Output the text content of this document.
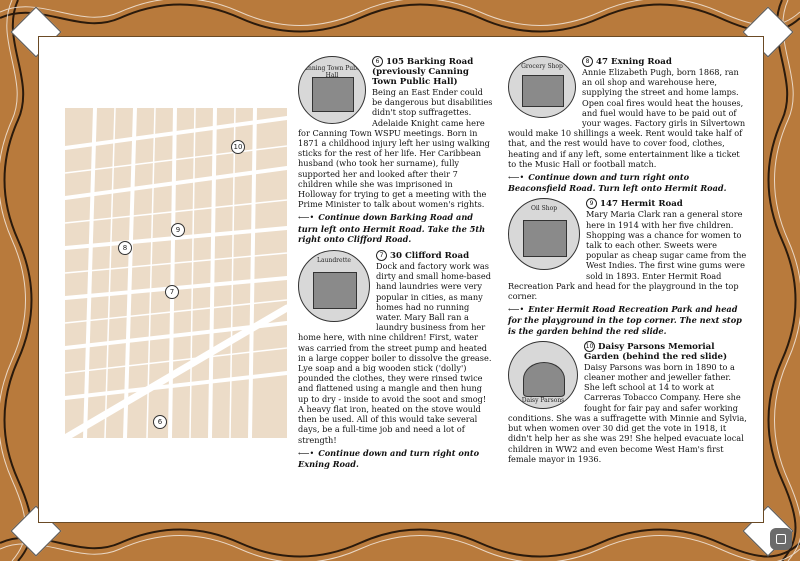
10
9
8
7
6
Canning Town Public Hall
6 105 Barking Road (previously Canning Town Public Hall)

Being an East Ender could be dangerous but disabilities didn't stop suffragettes. Adelaide Knight came here for Canning Town WSPU meetings. Born in 1871 a childhood injury left her using walking sticks for the rest of her life. Her Caribbean husband (who took her surname), fully supported her and looked after their 7 children while she was imprisoned in Holloway for trying to get a meeting with the Prime Minister to talk about women's rights.

⟵• Continue down Barking Road and turn left onto Hermit Road. Take the 5th right onto Clifford Road.

Laundrette
7 30 Clifford Road

Dock and factory work was dirty and small home-based hand laundries were very popular in cities, as many homes had no running water. Mary Ball ran a laundry business from her home here, with nine children! First, water was carried from the street pump and heated in a large copper boiler to dissolve the grease. Lye soap and a big wooden stick ('dolly') pounded the clothes, they were rinsed twice and flattened using a mangle and then hung up to dry - inside to avoid the soot and smog! A heavy flat iron, heated on the stove would then be used. All of this would take several days, be a full-time job and need a lot of strength!

⟵• Continue down and turn right onto Exning Road.

Grocery Shop
8 47 Exning Road

Annie Elizabeth Pugh, born 1868, ran an oil shop and warehouse here, supplying the street and home lamps. Open coal fires would heat the houses, and fuel would have to be paid out of your wages. Factory girls in Silvertown would make 10 shillings a week. Rent would take half of that, and the rest would have to cover food, clothes, heating and if any left, some entertainment like a ticket to the Music Hall or football match.

⟵• Continue down and turn right onto Beaconsfield Road. Turn left onto Hermit Road.

Oil Shop
9 147 Hermit Road

Mary Maria Clark ran a general store here in 1914 with her five children. Shopping was a chance for women to talk to each other. Sweets were popular as cheap sugar came from the West Indies. The first wine gums were sold in 1893. Enter Hermit Road Recreation Park and head for the playground in the top corner.

⟵• Enter Hermit Road Recreation Park and head for the playground in the top corner. The next stop is the garden behind the red slide.

Daisy Parsons
10 Daisy Parsons Memorial Garden (behind the red slide)

Daisy Parsons was born in 1890 to a cleaner mother and jeweller father. She left school at 14 to work at Carreras Tobacco Company. Here she fought for fair pay and safer working conditions. She was a suffragette with Minnie and Sylvia, but when women over 30 did get the vote in 1918, it didn't help her as she was 29! She helped evacuate local children in WW2 and even become West Ham's first female mayor in 1936.
